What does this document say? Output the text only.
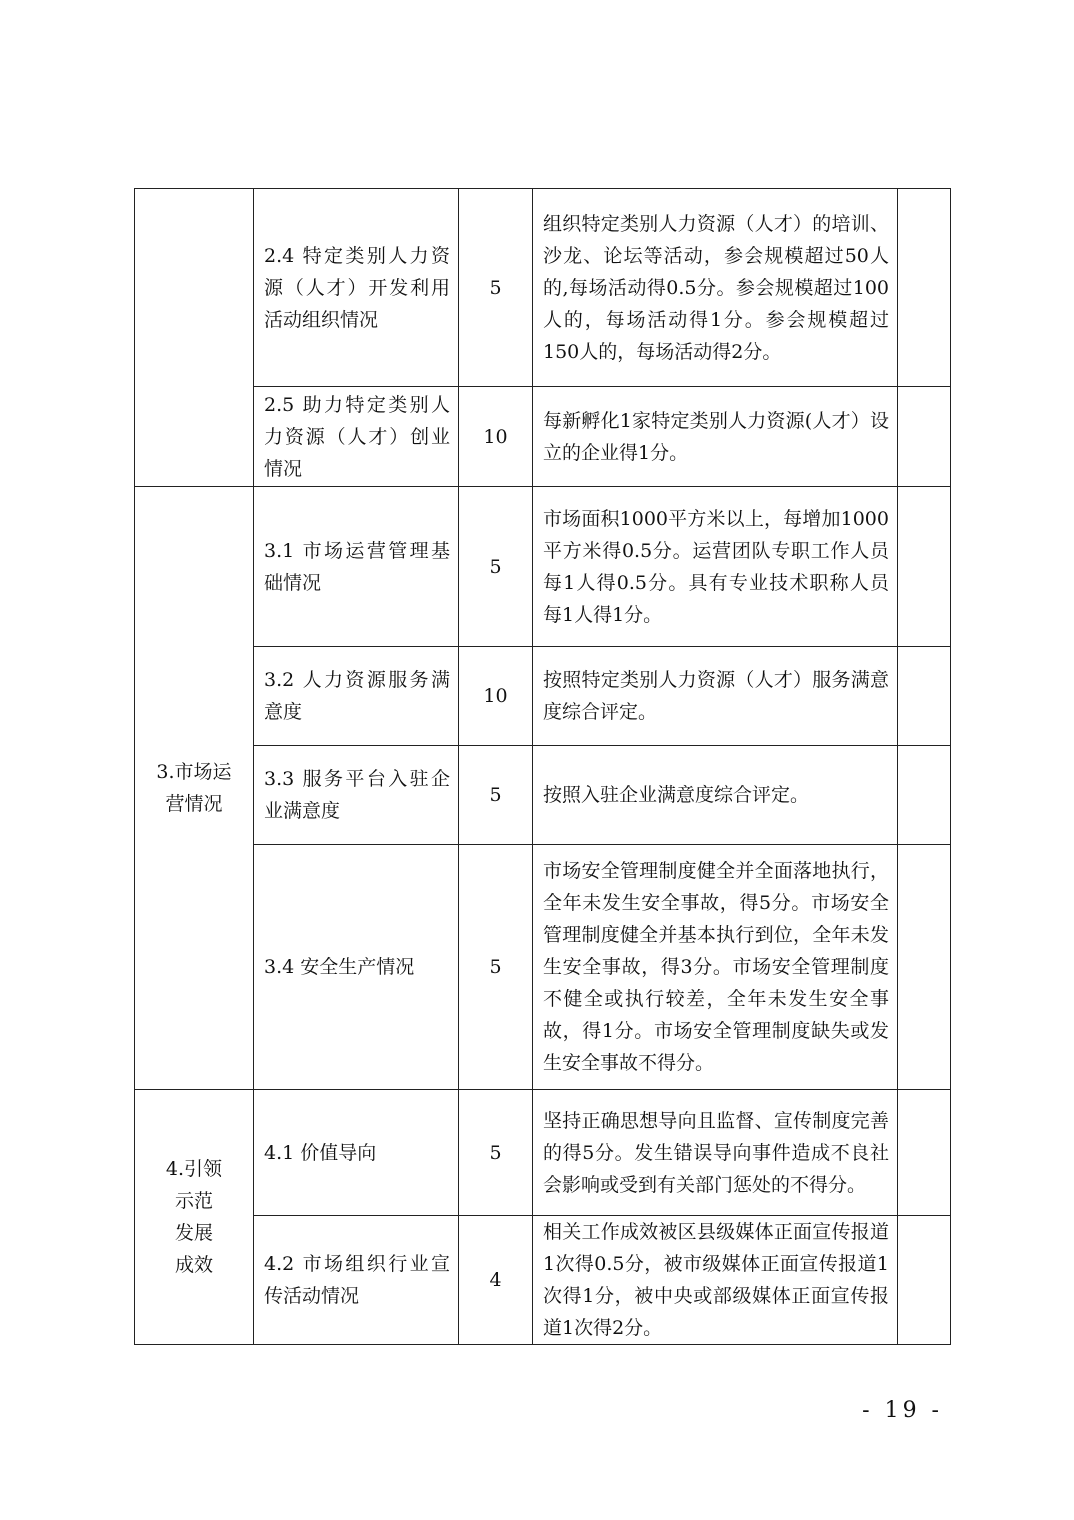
	2.4 特定类别人力资源（人才）开发利用活动组织情况	5	组织特定类别人力资源（人才）的培训、沙龙、论坛等活动，参会规模超过50人的,每场活动得0.5分。参会规模超过100人的，每场活动得1分。参会规模超过150人的，每场活动得2分。	
	2.5 助力特定类别人力资源（人才）创业情况	10	每新孵化1家特定类别人力资源(人才）设立的企业得1分。	

3.市场运
营情况	3.1 市场运营管理基础情况	5	市场面积1000平方米以上，每增加1000平方米得0.5分。运营团队专职工作人员每1人得0.5分。具有专业技术职称人员每1人得1分。	
	3.2 人力资源服务满意度	10	按照特定类别人力资源（人才）服务满意度综合评定。	
	3.3 服务平台入驻企业满意度	5	按照入驻企业满意度综合评定。	
	3.4 安全生产情况	5	市场安全管理制度健全并全面落地执行，全年未发生安全事故，得5分。市场安全管理制度健全并基本执行到位，全年未发生安全事故，得3分。市场安全管理制度不健全或执行较差，全年未发生安全事故，得1分。市场安全管理制度缺失或发生安全事故不得分。	

4.引领
示范
发展
成效	4.1 价值导向	5	坚持正确思想导向且监督、宣传制度完善的得5分。发生错误导向事件造成不良社会影响或受到有关部门惩处的不得分。	
	4.2 市场组织行业宣传活动情况	4	相关工作成效被区县级媒体正面宣传报道1次得0.5分，被市级媒体正面宣传报道1次得1分，被中央或部级媒体正面宣传报道1次得2分。	
- 19 -
